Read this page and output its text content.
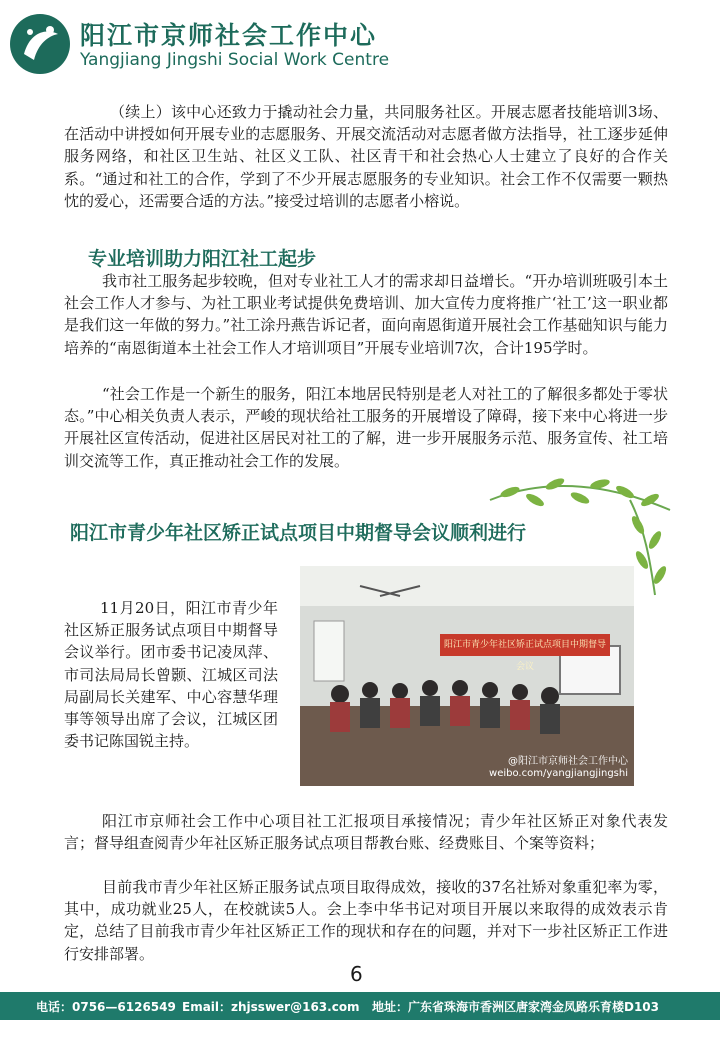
阳江市京师社会工作中心
Yangjiang Jingshi Social Work Centre
（续上）该中心还致力于撬动社会力量，共同服务社区。开展志愿者技能培训3场、在活动中讲授如何开展专业的志愿服务、开展交流活动对志愿者做方法指导，社工逐步延伸服务网络，和社区卫生站、社区义工队、社区青干和社会热心人士建立了良好的合作关系。“通过和社工的合作，学到了不少开展志愿服务的专业知识。社会工作不仅需要一颗热忱的爱心，还需要合适的方法。”接受过培训的志愿者小榕说。
专业培训助力阳江社工起步
我市社工服务起步较晚，但对专业社工人才的需求却日益增长。“开办培训班吸引本土社会工作人才参与、为社工职业考试提供免费培训、加大宣传力度将推广‘社工’这一职业都是我们这一年做的努力。”社工涂丹燕告诉记者，面向南恩街道开展社会工作基础知识与能力培养的“南恩街道本土社会工作人才培训项目”开展专业培训7次，合计195学时。
“社会工作是一个新生的服务，阳江本地居民特别是老人对社工的了解很多都处于零状态。”中心相关负责人表示，严峻的现状给社工服务的开展增设了障碍，接下来中心将进一步开展社区宣传活动，促进社区居民对社工的了解，进一步开展服务示范、服务宣传、社工培训交流等工作，真正推动社会工作的发展。
阳江市青少年社区矫正试点项目中期督导会议顺利进行
11月20日，阳江市青少年社区矫正服务试点项目中期督导会议举行。团市委书记凌凤萍、市司法局局长曾颢、江城区司法局副局长关建军、中心容慧华理事等领导出席了会议，江城区团委书记陈国锐主持。
阳江市青少年社区矫正试点项目中期督导会议
@阳江市京师社会工作中心
weibo.com/yangjiangjingshi
阳江市京师社会工作中心项目社工汇报项目承接情况；青少年社区矫正对象代表发言；督导组查阅青少年社区矫正服务试点项目帮教台账、经费账目、个案等资料；
目前我市青少年社区矫正服务试点项目取得成效，接收的37名社矫对象重犯率为零，其中，成功就业25人，在校就读5人。会上李中华书记对项目开展以来取得的成效表示肯定，总结了目前我市青少年社区矫正工作的现状和存在的问题，并对下一步社区矫正工作进行安排部署。
6
电话：0756—6126549 Email：zhjsswer@163.com 地址：广东省珠海市香洲区唐家湾金凤路乐育楼D103
